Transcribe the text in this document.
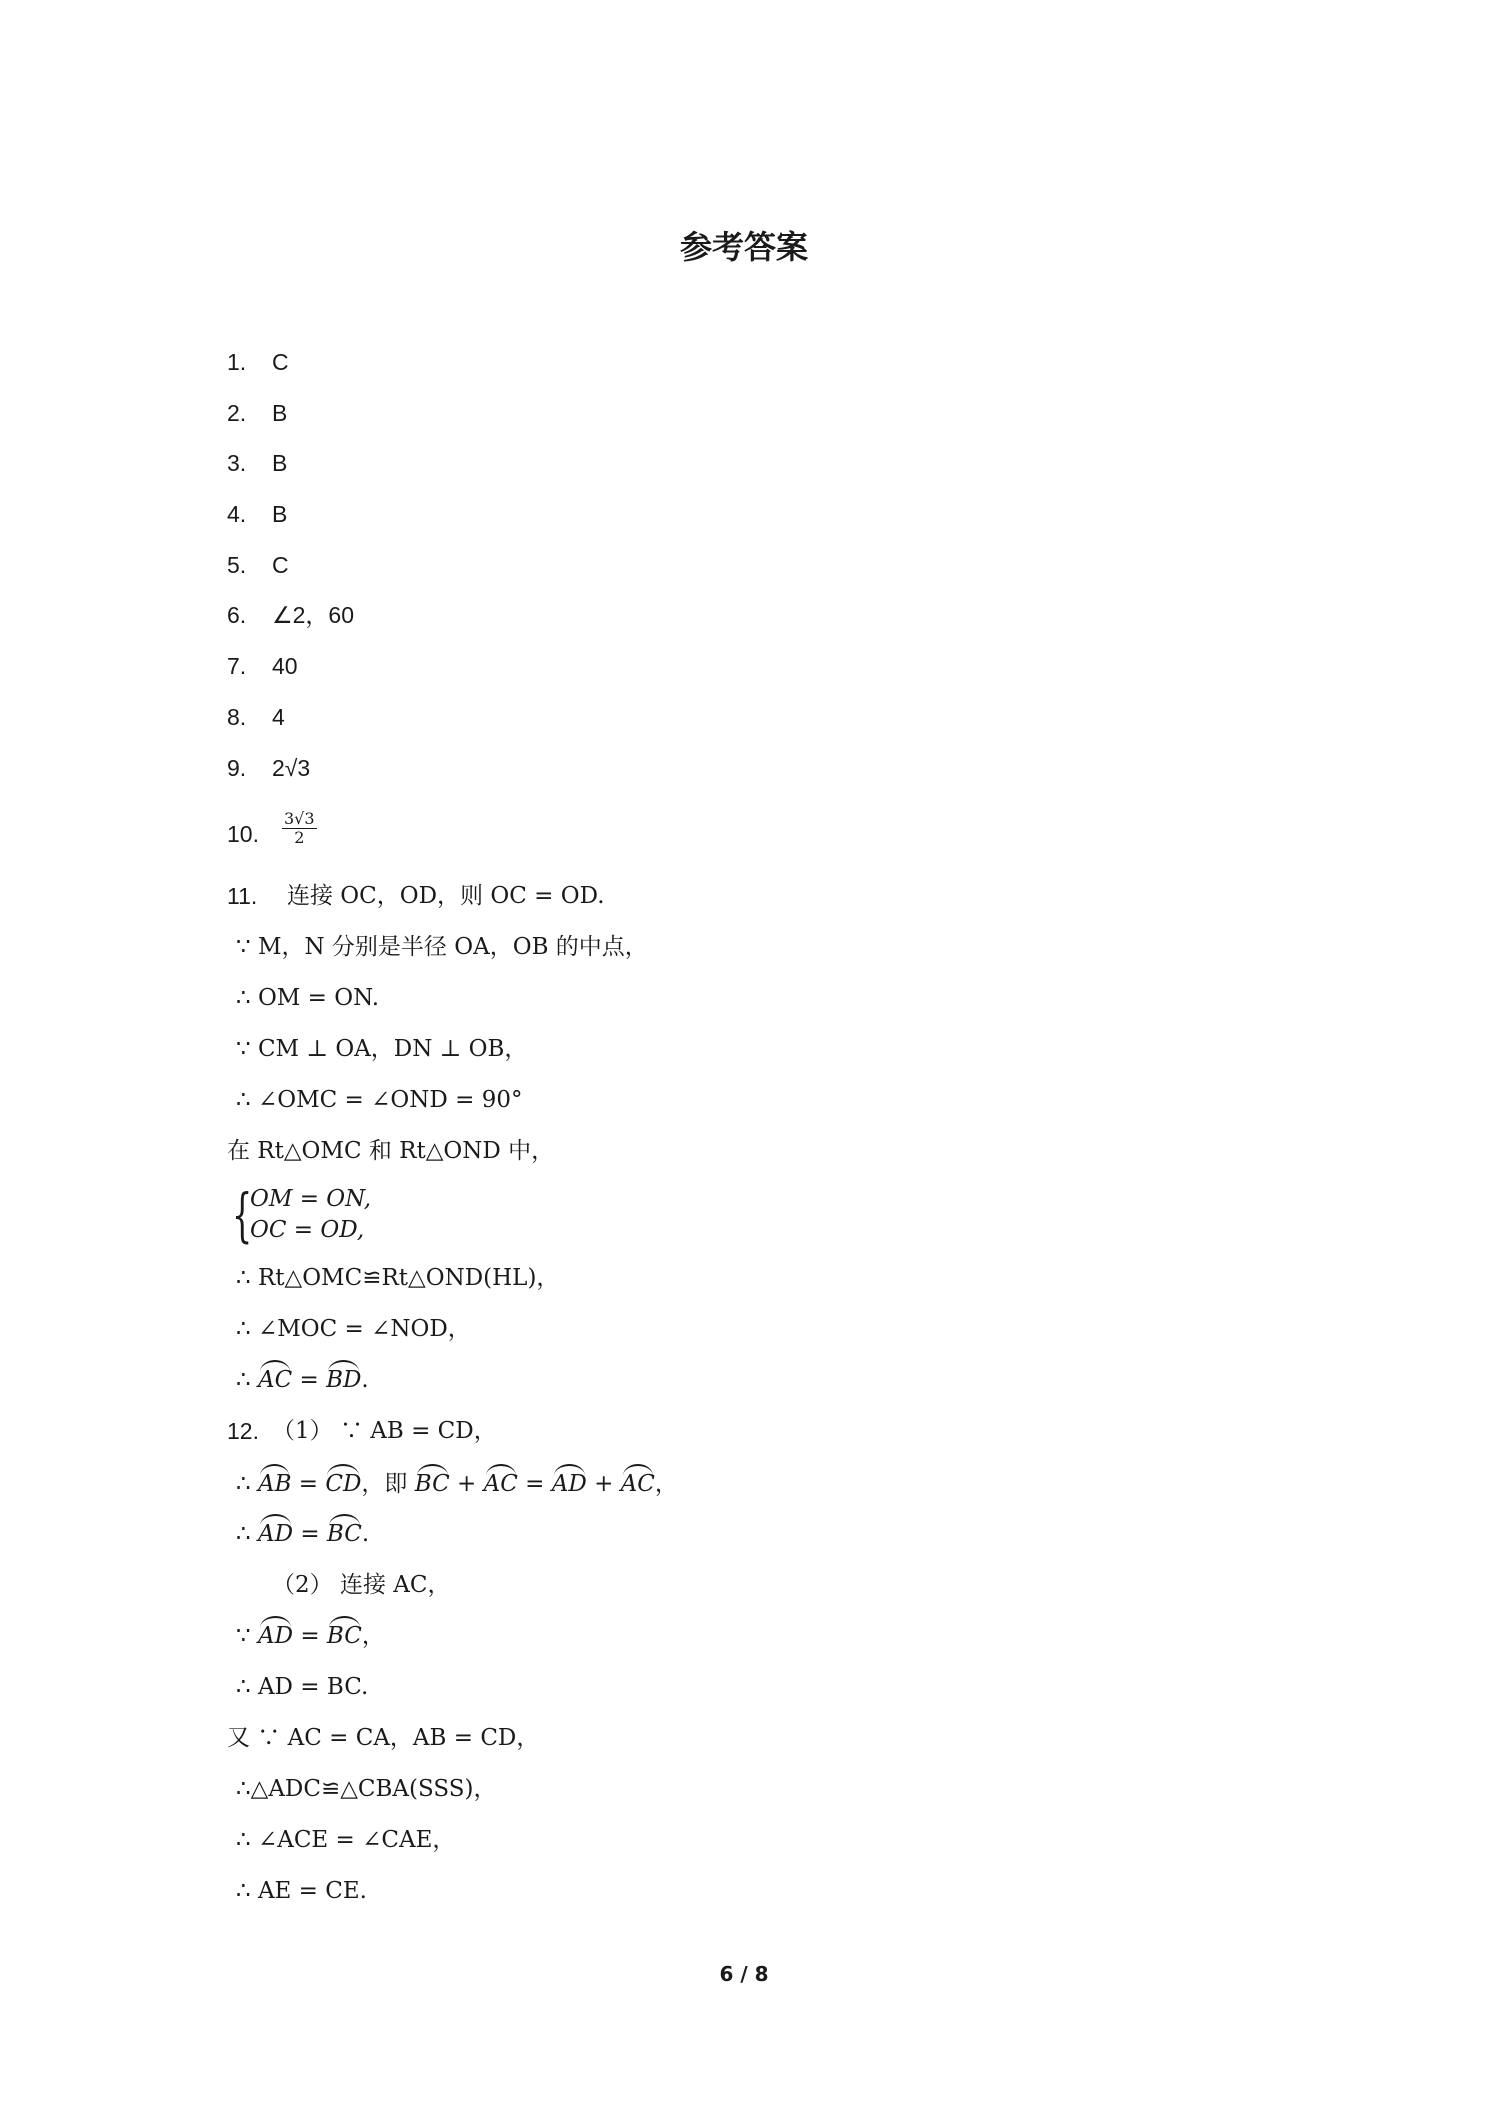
参考答案
1. C
2. B
3. B
4. B
5. C
6. ∠2，60
7. 40
8. 4
9. 2√3
10. $\frac{3√3}{2}$
11. 连接 OC，OD，则 OC = OD.
∵ M，N 分别是半径 OA，OB 的中点，
∴ OM = ON.
∵ CM ⊥ OA，DN ⊥ OB，
∴ ∠OMC = ∠OND = 90°
在 Rt△OMC 和 Rt△OND 中，
{
OM = ON,
OC = OD,
∴ Rt△OMC≌Rt△OND(HL)，
∴ ∠MOC = ∠NOD，
∴ AC = BD.
12. （1） ∵ AB = CD，
∴ AB = CD，即 BC + AC = AD + AC，
∴ AD = BC.
（2） 连接 AC，
∵ AD = BC，
∴ AD = BC.
又 ∵ AC = CA，AB = CD，
∴△ADC≌△CBA(SSS)，
∴ ∠ACE = ∠CAE，
∴ AE = CE.
6 / 8
